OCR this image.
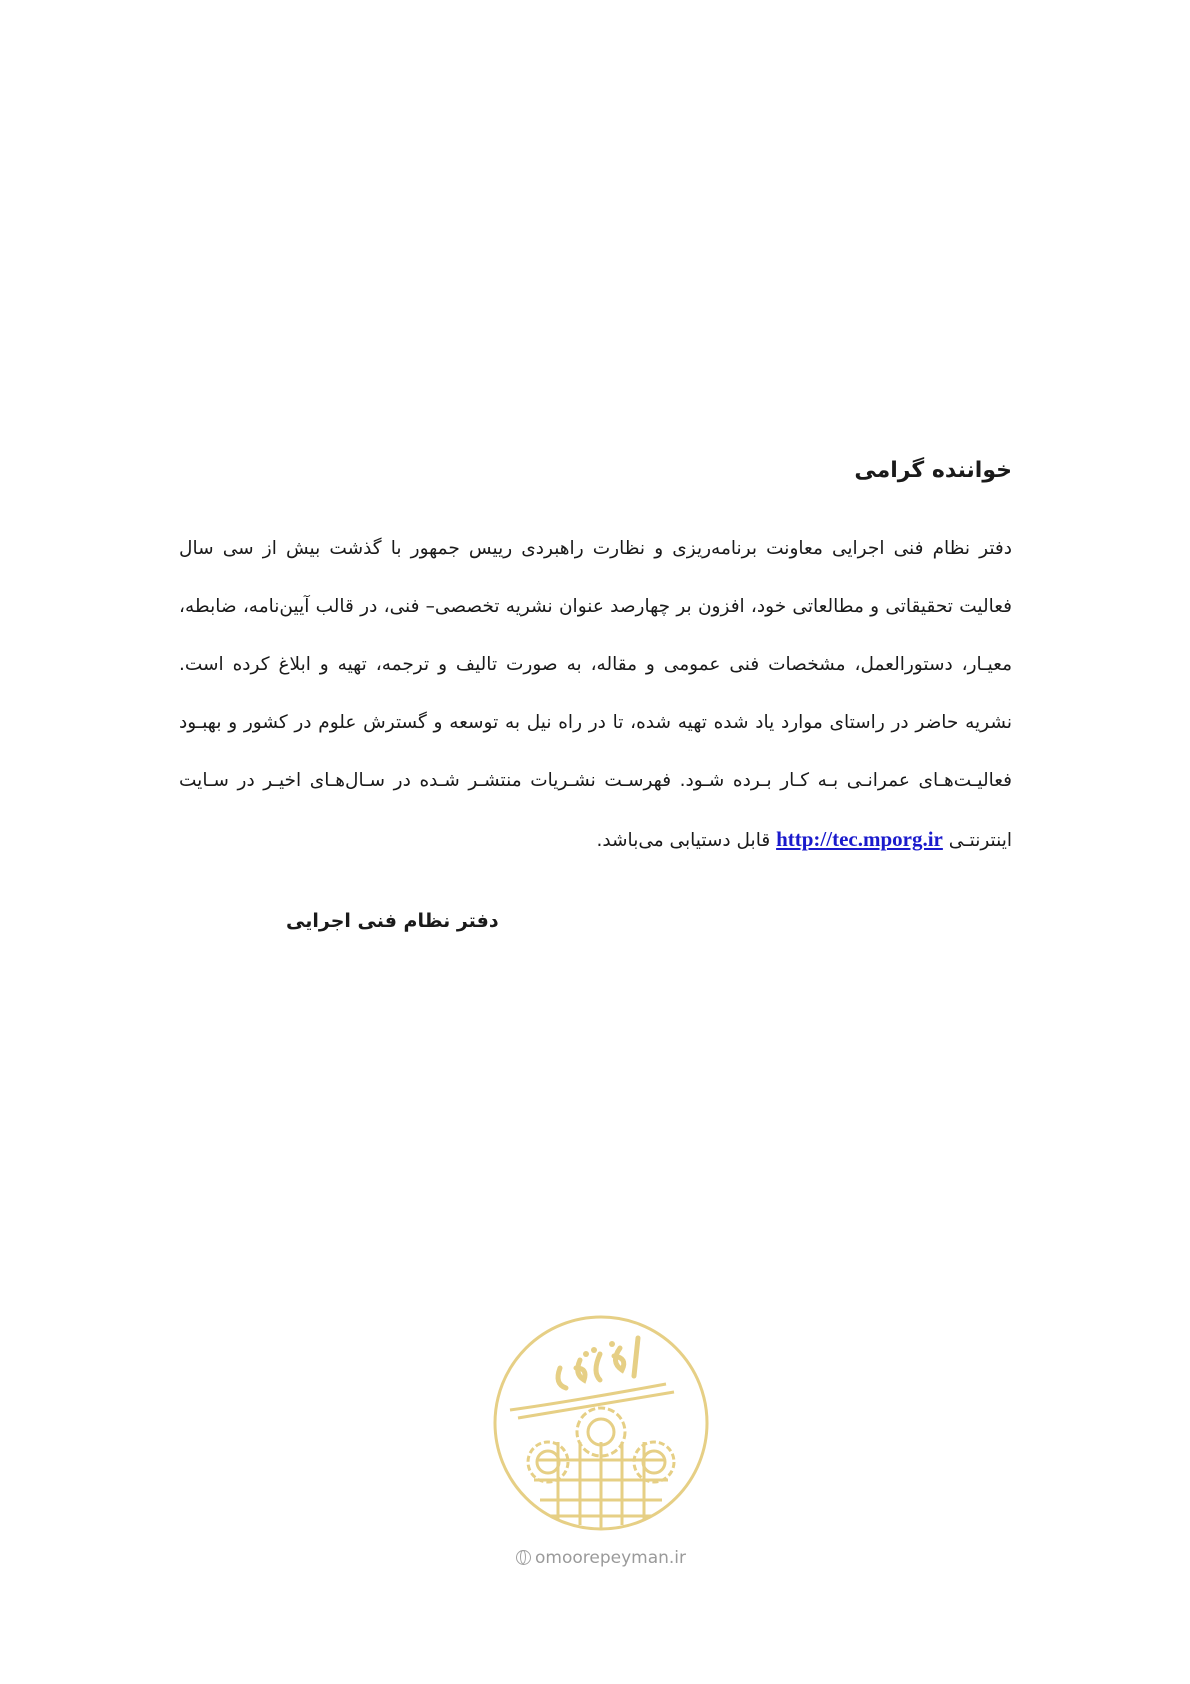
خواننده گرامی

دفتر نظام فنی اجرایی معاونت برنامه‌ریزی و نظارت راهبردی رییس جمهور با گذشت بیش از سی سال فعالیت تحقیقاتی و مطالعاتی خود، افزون بر چهارصد عنوان نشریه تخصصی– فنی، در قالب آیین‌نامه، ضابطه، معیـار، دستورالعمل، مشخصات فنی عمومی و مقاله، به صورت تالیف و ترجمه، تهیه و ابلاغ کرده است. نشریه حاضر در راستای موارد یاد شده تهیه شده، تا در راه نیل به توسعه و گسترش علوم در کشور و بهبـود فعالیـت‌هـای عمرانـی بـه کـار بـرده شـود. فهرسـت نشـریات منتشـر شـده در سـال‌هـای اخیـر در سـایت اینترنتـی http://tec.mporg.ir قابل دستیابی می‌باشد.

دفتر نظام فنی اجرایی

omoorepeyman.ir
